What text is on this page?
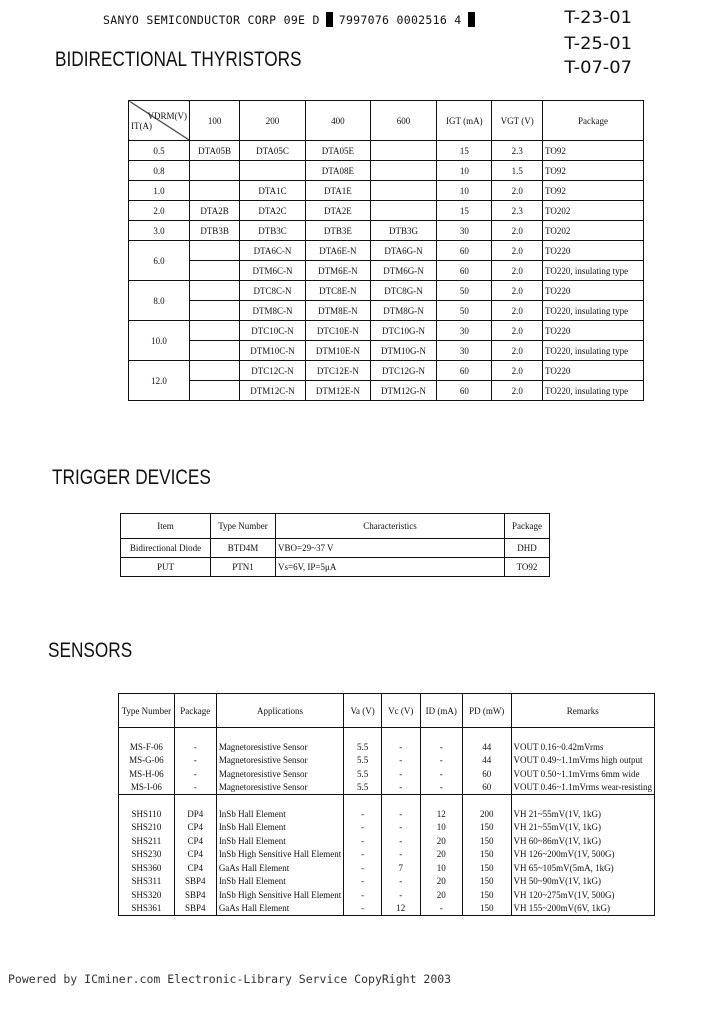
SANYO SEMICONDUCTOR CORP 09E D 7997076 0002516 4	T-23-01
T-25-01
T-07-07
BIDIRECTIONAL THYRISTORS
VDRM(V)
IT(A)	100	200	400	600	IGT (mA)	VGT (V)	Package
0.5	DTA05B	DTA05C	DTA05E		15	2.3	TO92
0.8			DTA08E		10	1.5	TO92
1.0		DTA1C	DTA1E		10	2.0	TO92
2.0	DTA2B	DTA2C	DTA2E		15	2.3	TO202
3.0	DTB3B	DTB3C	DTB3E	DTB3G	30	2.0	TO202
6.0		DTA6C-N	DTA6E-N	DTA6G-N	60	2.0	TO220
		DTM6C-N	DTM6E-N	DTM6G-N	60	2.0	TO220, insulating type
8.0		DTC8C-N	DTC8E-N	DTC8G-N	50	2.0	TO220
		DTM8C-N	DTM8E-N	DTM8G-N	50	2.0	TO220, insulating type
10.0		DTC10C-N	DTC10E-N	DTC10G-N	30	2.0	TO220
		DTM10C-N	DTM10E-N	DTM10G-N	30	2.0	TO220, insulating type
12.0		DTC12C-N	DTC12E-N	DTC12G-N	60	2.0	TO220
		DTM12C-N	DTM12E-N	DTM12G-N	60	2.0	TO220, insulating type
TRIGGER DEVICES
Item	Type Number	Characteristics	Package
Bidirectional Diode	BTD4M	VBO=29~37 V	DHD
PUT	PTN1	Vs=6V, IP=5μA	TO92
SENSORS
Type Number	Package	Applications	Va (V)	Vc (V)	ID (mA)	PD (mW)	Remarks

MS-F-06	-	Magnetoresistive Sensor	5.5	-	-	44	VOUT 0.16~0.42mVrms
MS-G-06	-	Magnetoresistive Sensor	5.5	-	-	44	VOUT 0.49~1.1mVrms high output
MS-H-06	-	Magnetoresistive Sensor	5.5	-	-	60	VOUT 0.50~1.1mVrms 6mm wide
MS-I-06	-	Magnetoresistive Sensor	5.5	-	-	60	VOUT 0.46~1.1mVrms wear-resisting

SHS110	DP4	InSb Hall Element	-	-	12	200	VH 21~55mV(1V, 1kG)
SHS210	CP4	InSb Hall Element	-	-	10	150	VH 21~55mV(1V, 1kG)
SHS211	CP4	InSb Hall Element	-	-	20	150	VH 60~86mV(1V, 1kG)
SHS230	CP4	InSb High Sensitive Hall Element	-	-	20	150	VH 126~200mV(1V, 500G)
SHS360	CP4	GaAs Hall Element	-	7	10	150	VH 65~105mV(5mA, 1kG)
SHS311	SBP4	InSb Hall Element	-	-	20	150	VH 50~90mV(1V, 1kG)
SHS320	SBP4	InSb High Sensitive Hall Element	-	-	20	150	VH 120~275mV(1V, 500G)
SHS361	SBP4	GaAs Hall Element	-	12	-	150	VH 155~200mV(6V, 1kG)
Powered by ICminer.com Electronic-Library Service CopyRight 2003
